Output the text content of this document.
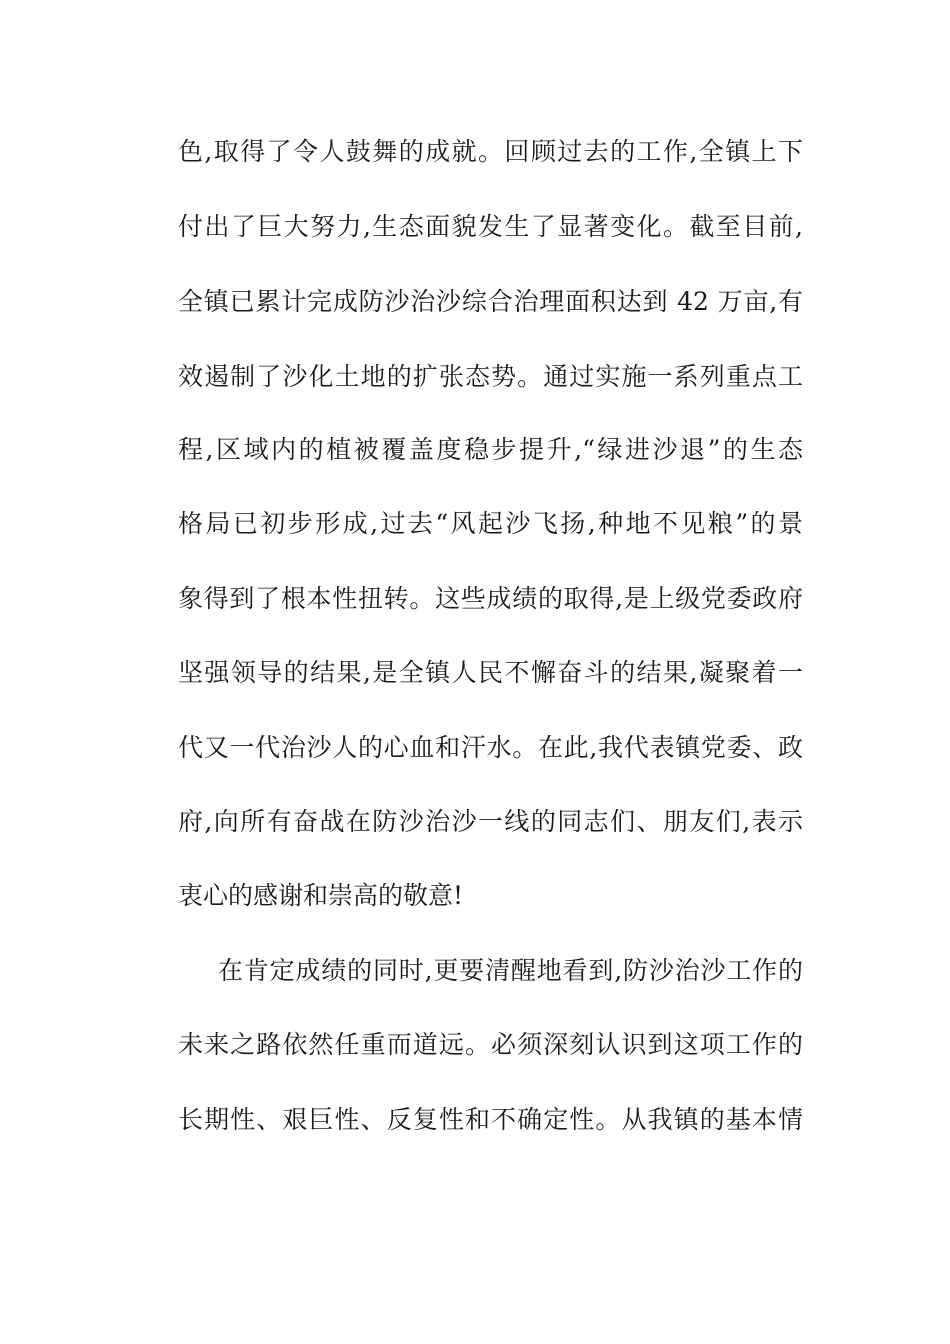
色,取得了令人鼓舞的成就。回顾过去的工作,全镇上下
付出了巨大努力,生态面貌发生了显著变化。截至目前,
全镇已累计完成防沙治沙综合治理面积达到 42 万亩,有
效遏制了沙化土地的扩张态势。通过实施一系列重点工
程,区域内的植被覆盖度稳步提升,“绿进沙退”的生态
格局已初步形成,过去“风起沙飞扬,种地不见粮”的景
象得到了根本性扭转。这些成绩的取得,是上级党委政府
坚强领导的结果,是全镇人民不懈奋斗的结果,凝聚着一
代又一代治沙人的心血和汗水。在此,我代表镇党委、政
府,向所有奋战在防沙治沙一线的同志们、朋友们,表示
衷心的感谢和崇高的敬意!
在肯定成绩的同时,更要清醒地看到,防沙治沙工作的
未来之路依然任重而道远。必须深刻认识到这项工作的
长期性、艰巨性、反复性和不确定性。从我镇的基本情
